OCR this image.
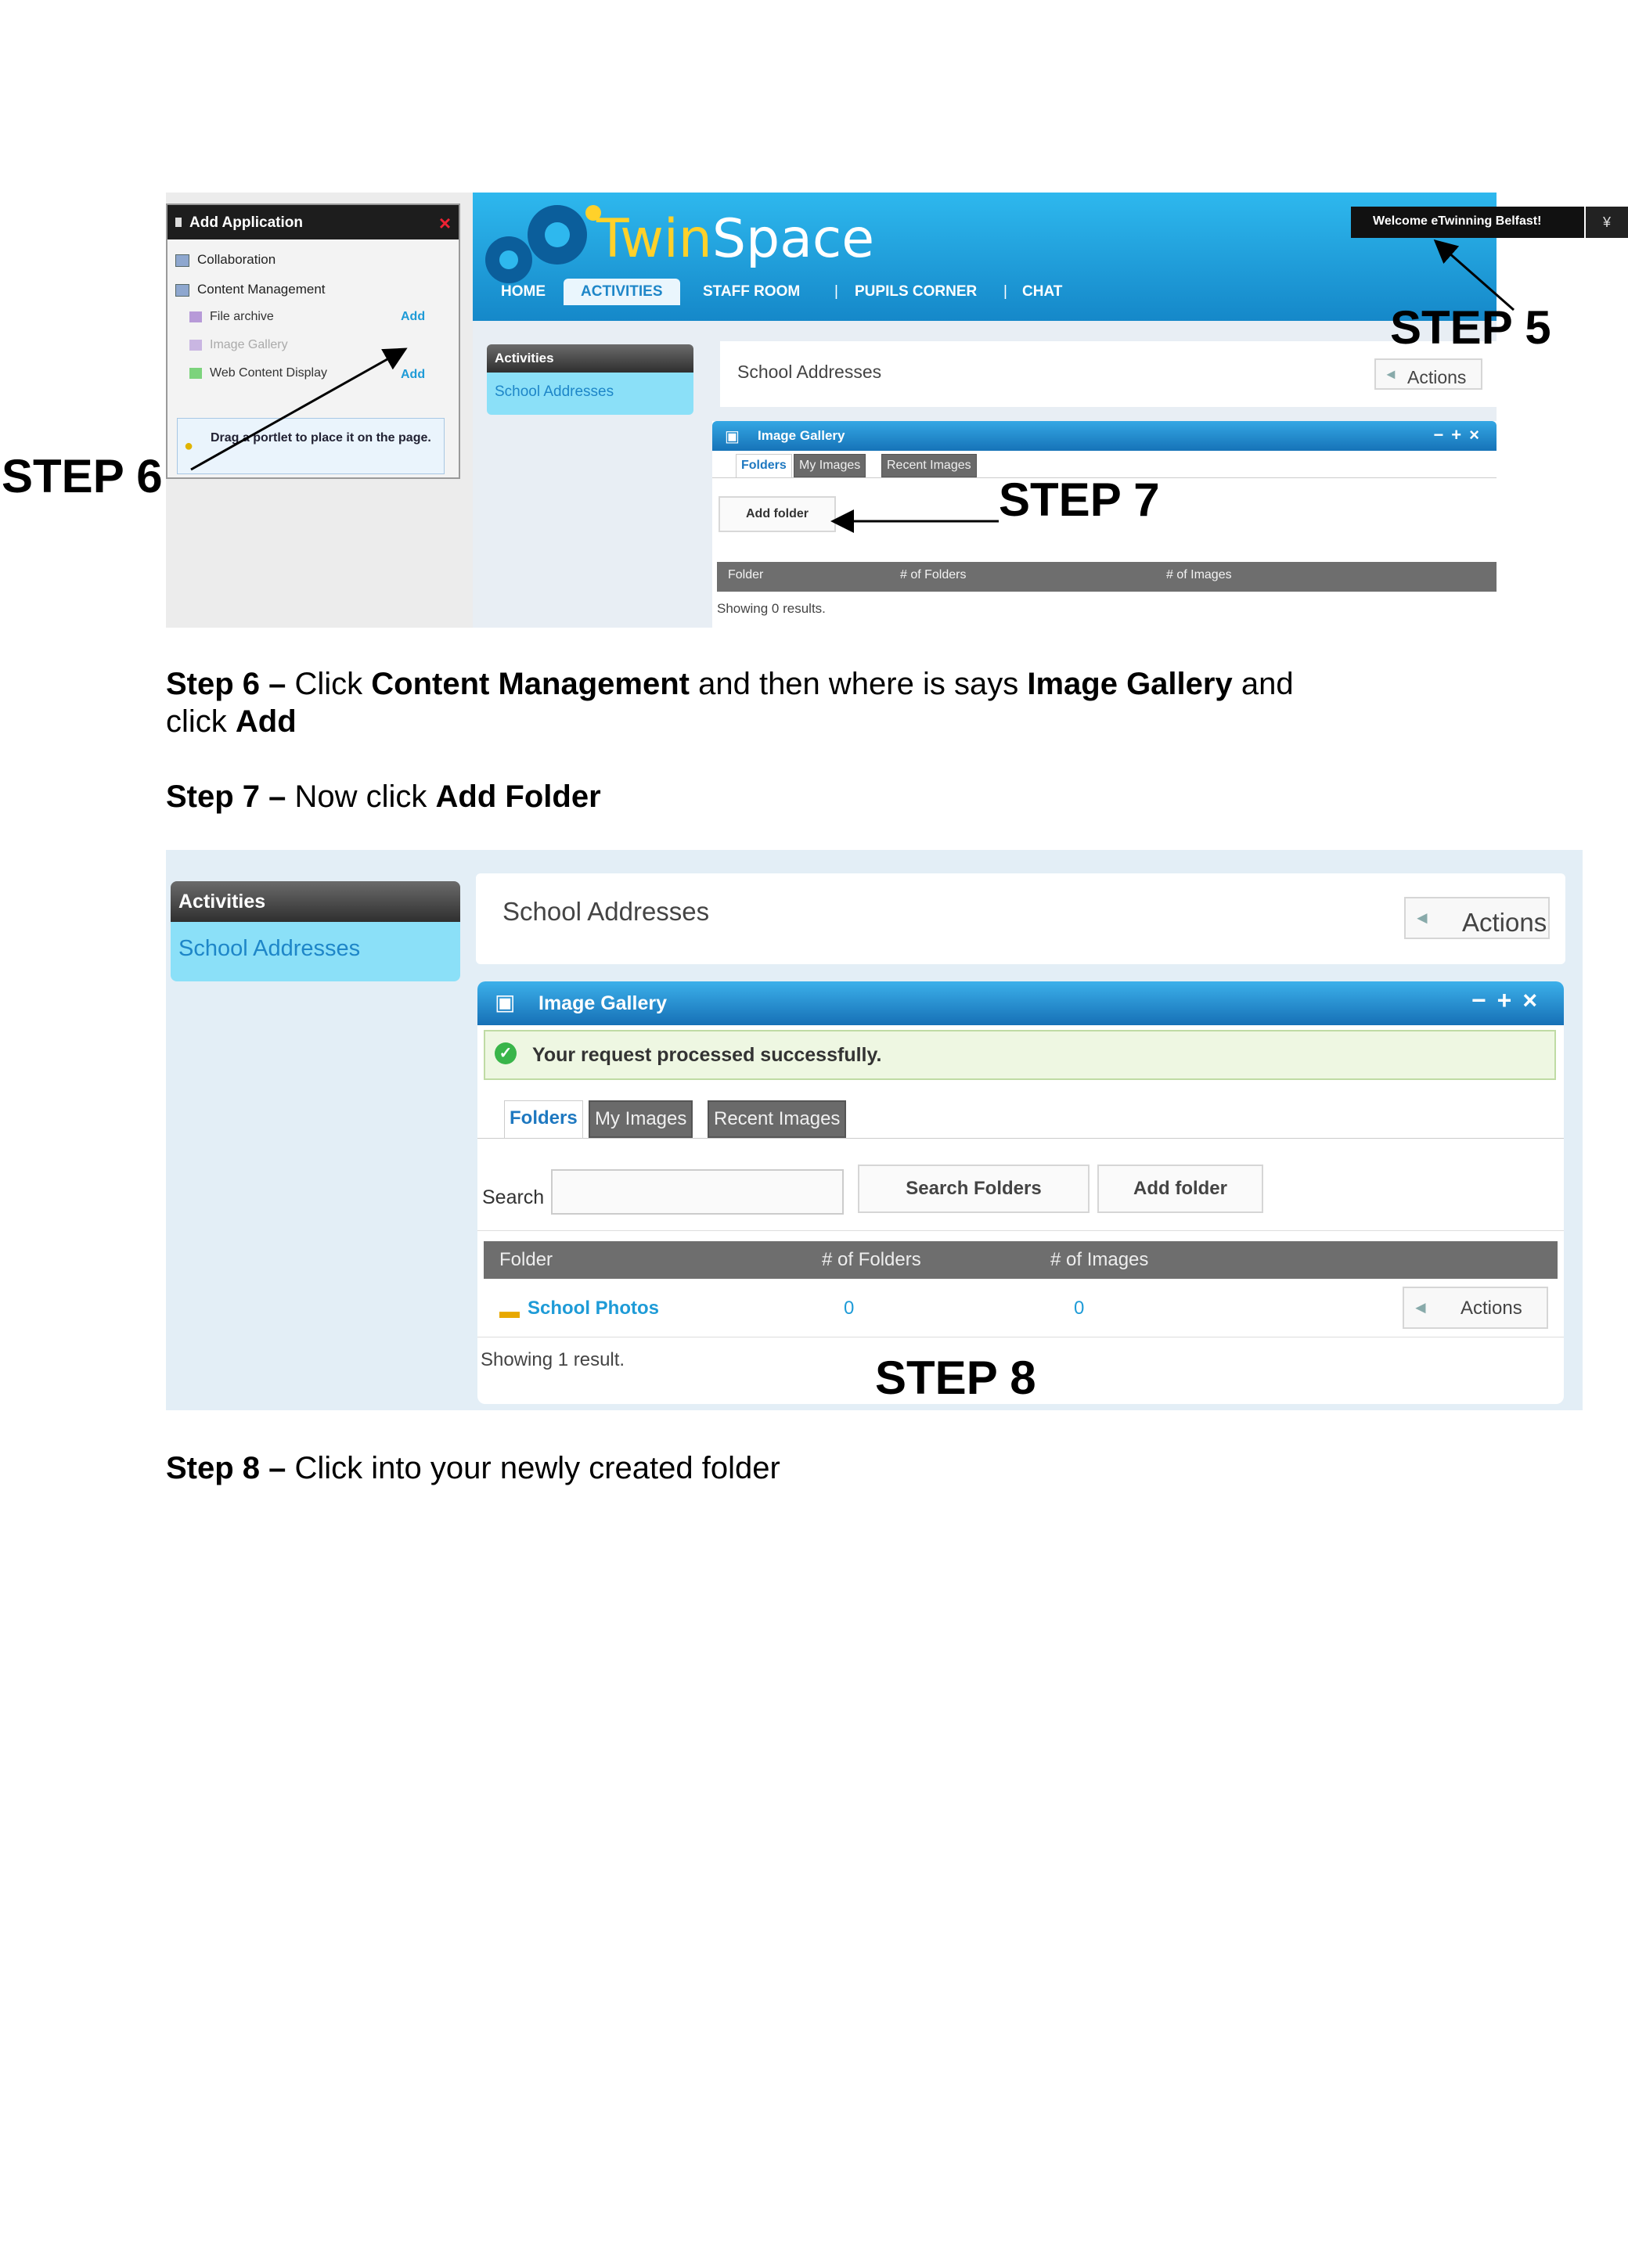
Add Application	×
Collaboration
Content Management
File archive	Add
Image Gallery
Web Content Display	Add
● Drag a portlet to place it on the page.
TwinSpace
HOME	ACTIVITIES	STAFF ROOM | PUPILS CORNER | CHAT
Welcome eTwinning Belfast!	¥
Activities
School Addresses
School Addresses	◄ Actions
▣ Image Gallery	−+×
Folders	My Images	Recent Images
Add folder
Folder	# of Folders	# of Images
Showing 0 results.
STEP 5
STEP 6	STEP 7
Step 6 – Click Content Management and then where is says Image Gallery and
click Add
Step 7 – Now click Add Folder
Activities
School Addresses
School Addresses	◄ Actions
▣ Image Gallery	−+×
✓ Your request processed successfully.
Folders My Images	Recent Images
Search	Search Folders	Add folder
Folder	# of Folders	# of Images
▬ School Photos	0	0	◄ Actions
Showing 1 result.	STEP 8
Step 8 – Click into your newly created folder
